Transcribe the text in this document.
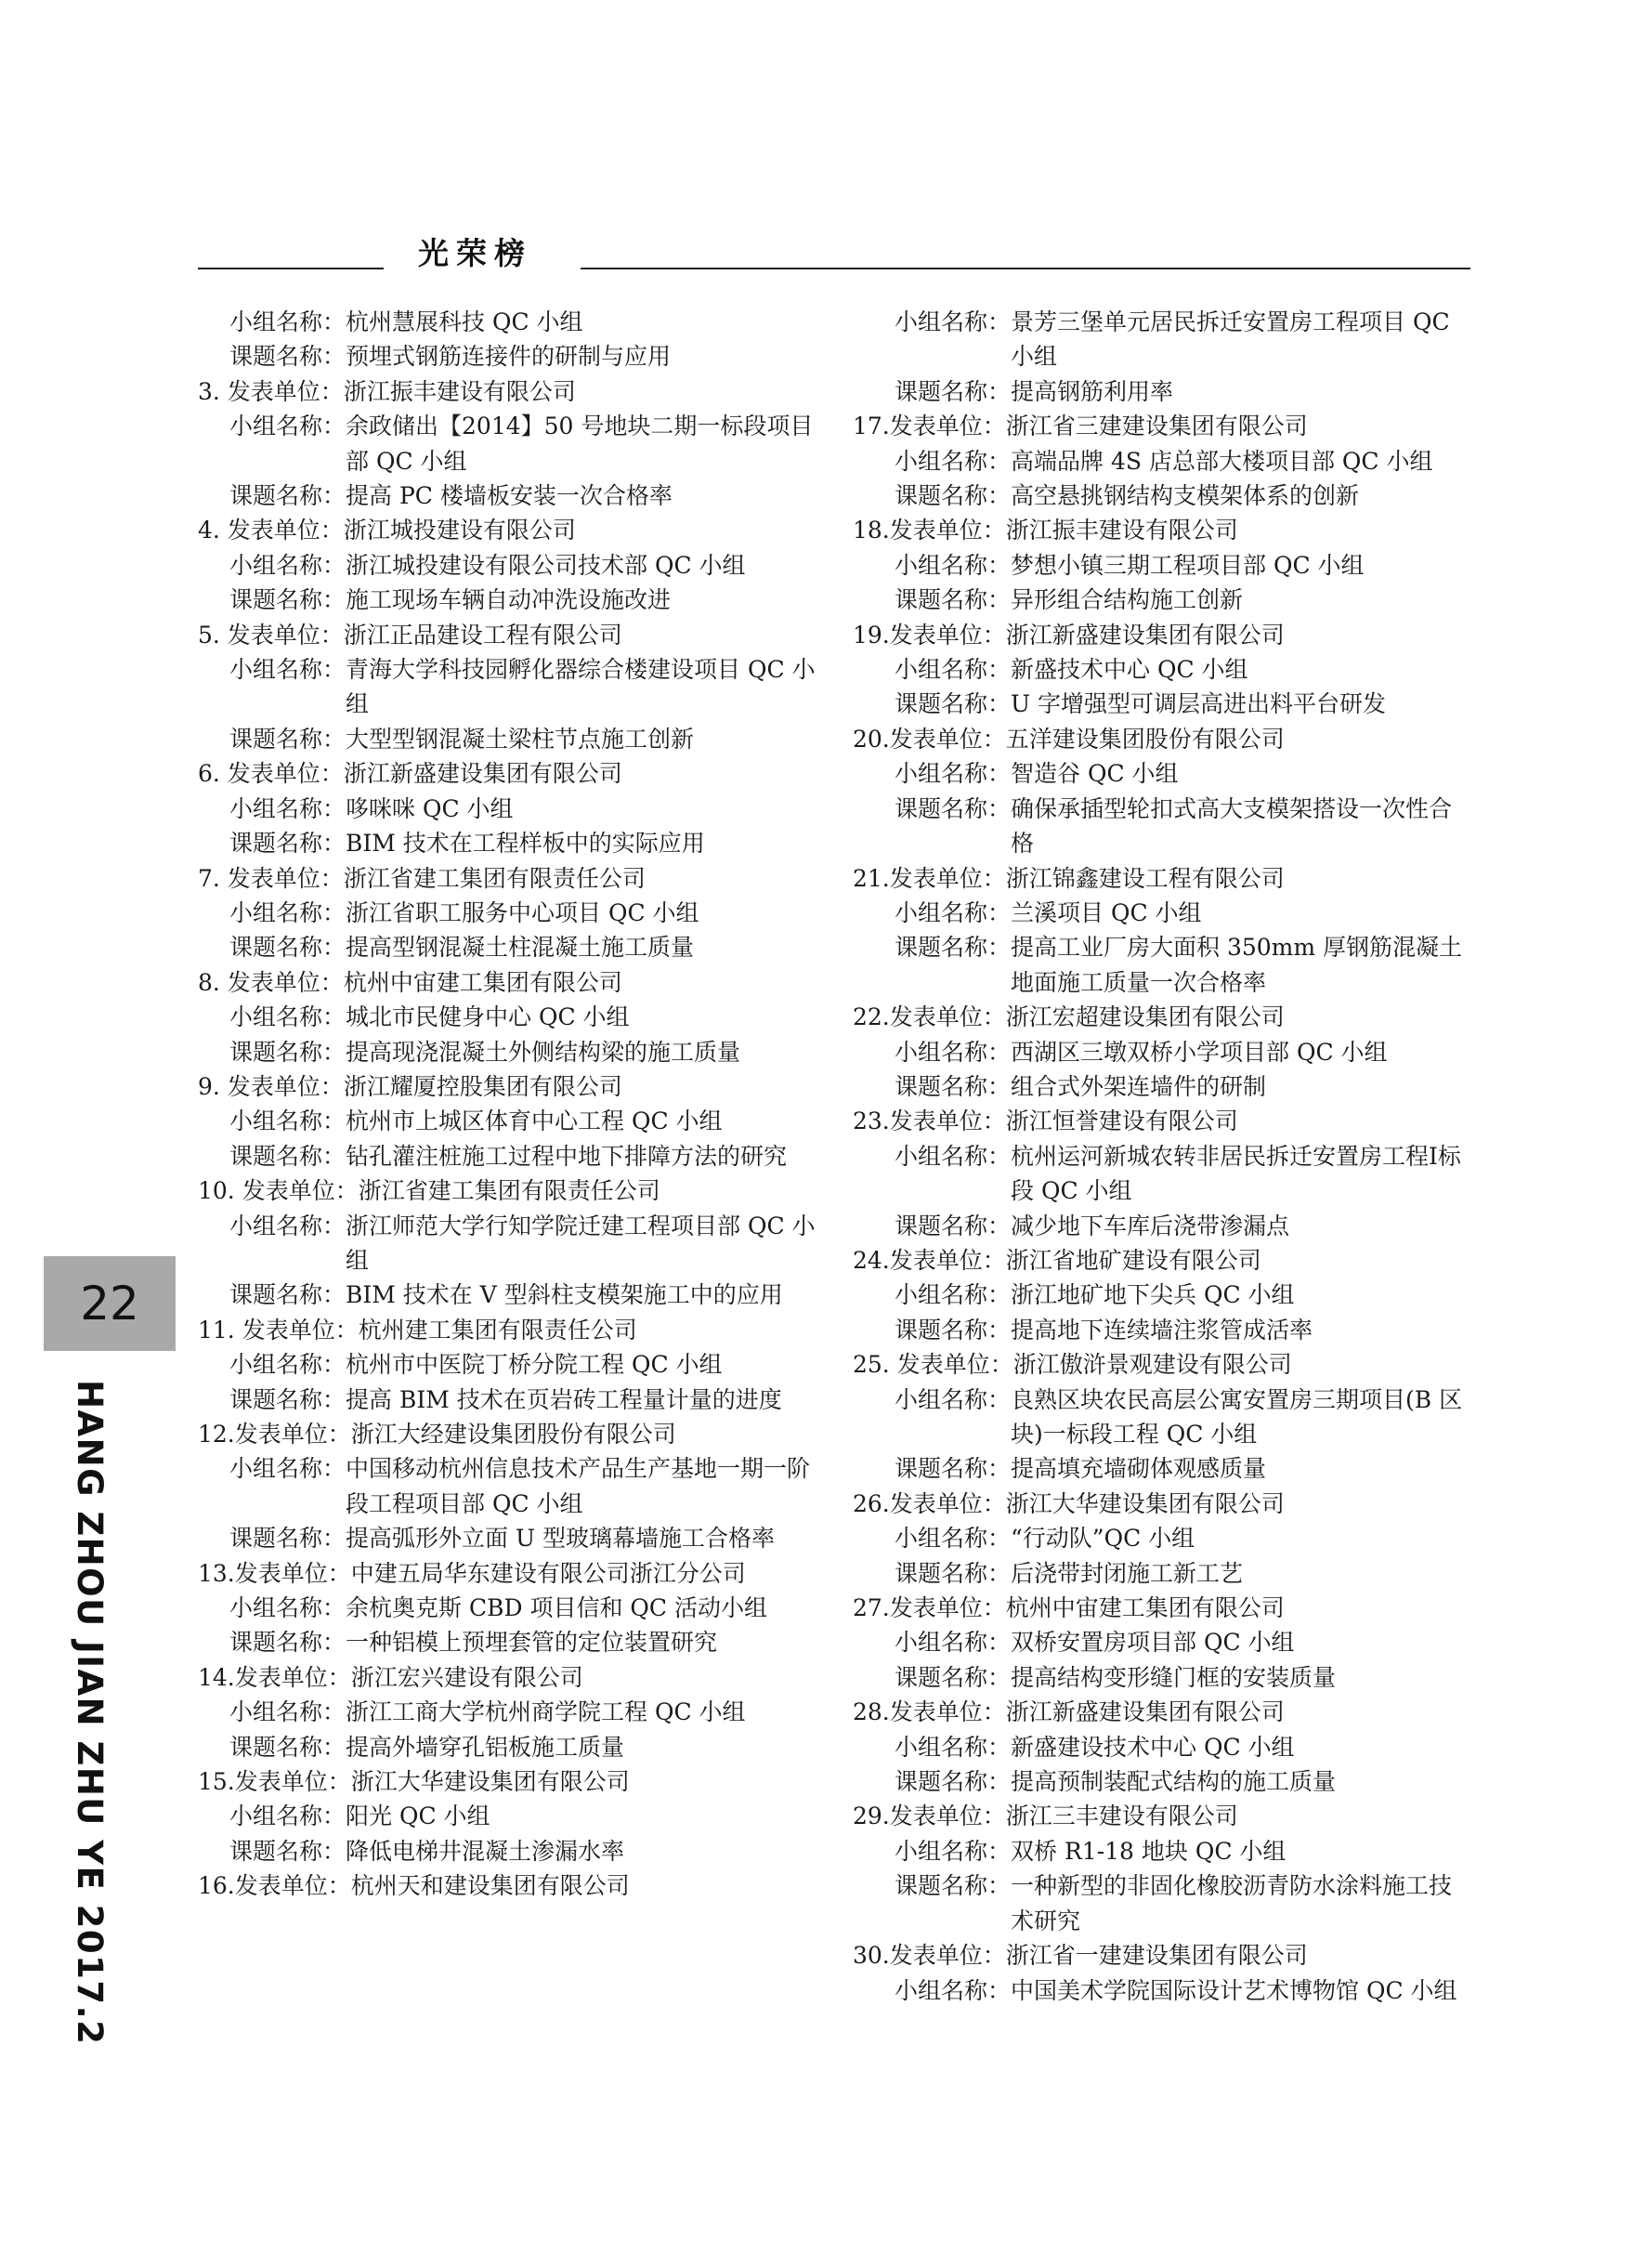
光荣榜
小组名称： 杭州慧展科技 QC 小组
课题名称： 预埋式钢筋连接件的研制与应用
3. 发表单位： 浙江振丰建设有限公司
小组名称： 余政储出【2014】50 号地块二期一标段项目部 QC 小组
课题名称： 提高 PC 楼墙板安装一次合格率
4. 发表单位： 浙江城投建设有限公司
小组名称： 浙江城投建设有限公司技术部 QC 小组
课题名称： 施工现场车辆自动冲洗设施改进
5. 发表单位： 浙江正品建设工程有限公司
小组名称： 青海大学科技园孵化器综合楼建设项目 QC 小组
课题名称： 大型型钢混凝土梁柱节点施工创新
6. 发表单位： 浙江新盛建设集团有限公司
小组名称： 哆咪咪 QC 小组
课题名称： BIM 技术在工程样板中的实际应用
7. 发表单位： 浙江省建工集团有限责任公司
小组名称： 浙江省职工服务中心项目 QC 小组
课题名称： 提高型钢混凝土柱混凝土施工质量
8. 发表单位： 杭州中宙建工集团有限公司
小组名称： 城北市民健身中心 QC 小组
课题名称： 提高现浇混凝土外侧结构梁的施工质量
9. 发表单位： 浙江耀厦控股集团有限公司
小组名称： 杭州市上城区体育中心工程 QC 小组
课题名称： 钻孔灌注桩施工过程中地下排障方法的研究
10. 发表单位： 浙江省建工集团有限责任公司
小组名称： 浙江师范大学行知学院迁建工程项目部 QC 小组
课题名称： BIM 技术在 V 型斜柱支模架施工中的应用
11. 发表单位： 杭州建工集团有限责任公司
小组名称： 杭州市中医院丁桥分院工程 QC 小组
课题名称： 提高 BIM 技术在页岩砖工程量计量的进度
12.发表单位： 浙江大经建设集团股份有限公司
小组名称： 中国移动杭州信息技术产品生产基地一期一阶段工程项目部 QC 小组
课题名称： 提高弧形外立面 U 型玻璃幕墙施工合格率
13.发表单位： 中建五局华东建设有限公司浙江分公司
小组名称： 余杭奥克斯 CBD 项目信和 QC 活动小组
课题名称： 一种铝模上预埋套管的定位装置研究
14.发表单位： 浙江宏兴建设有限公司
小组名称： 浙江工商大学杭州商学院工程 QC 小组
课题名称： 提高外墙穿孔铝板施工质量
15.发表单位： 浙江大华建设集团有限公司
小组名称： 阳光 QC 小组
课题名称： 降低电梯井混凝土渗漏水率
16.发表单位： 杭州天和建设集团有限公司
小组名称： 景芳三堡单元居民拆迁安置房工程项目 QC 小组
课题名称： 提高钢筋利用率
17.发表单位： 浙江省三建建设集团有限公司
小组名称： 高端品牌 4S 店总部大楼项目部 QC 小组
课题名称： 高空悬挑钢结构支模架体系的创新
18.发表单位： 浙江振丰建设有限公司
小组名称： 梦想小镇三期工程项目部 QC 小组
课题名称： 异形组合结构施工创新
19.发表单位： 浙江新盛建设集团有限公司
小组名称： 新盛技术中心 QC 小组
课题名称： U 字增强型可调层高进出料平台研发
20.发表单位： 五洋建设集团股份有限公司
小组名称： 智造谷 QC 小组
课题名称： 确保承插型轮扣式高大支模架搭设一次性合格
21.发表单位： 浙江锦鑫建设工程有限公司
小组名称： 兰溪项目 QC 小组
课题名称： 提高工业厂房大面积 350mm 厚钢筋混凝土地面施工质量一次合格率
22.发表单位： 浙江宏超建设集团有限公司
小组名称： 西湖区三墩双桥小学项目部 QC 小组
课题名称： 组合式外架连墙件的研制
23.发表单位： 浙江恒誉建设有限公司
小组名称： 杭州运河新城农转非居民拆迁安置房工程Ⅰ标段 QC 小组
课题名称： 减少地下车库后浇带渗漏点
24.发表单位： 浙江省地矿建设有限公司
小组名称： 浙江地矿地下尖兵 QC 小组
课题名称： 提高地下连续墙注浆管成活率
25. 发表单位： 浙江傲浒景观建设有限公司
小组名称： 良熟区块农民高层公寓安置房三期项目(B 区块)一标段工程 QC 小组
课题名称： 提高填充墙砌体观感质量
26.发表单位： 浙江大华建设集团有限公司
小组名称： “行动队”QC 小组
课题名称： 后浇带封闭施工新工艺
27.发表单位： 杭州中宙建工集团有限公司
小组名称： 双桥安置房项目部 QC 小组
课题名称： 提高结构变形缝门框的安装质量
28.发表单位： 浙江新盛建设集团有限公司
小组名称： 新盛建设技术中心 QC 小组
课题名称： 提高预制装配式结构的施工质量
29.发表单位： 浙江三丰建设有限公司
小组名称： 双桥 R1-18 地块 QC 小组
课题名称： 一种新型的非固化橡胶沥青防水涂料施工技术研究
30.发表单位： 浙江省一建建设集团有限公司
小组名称： 中国美术学院国际设计艺术博物馆 QC 小组
22
HANG ZHOU JIAN ZHU YE 2017.2
